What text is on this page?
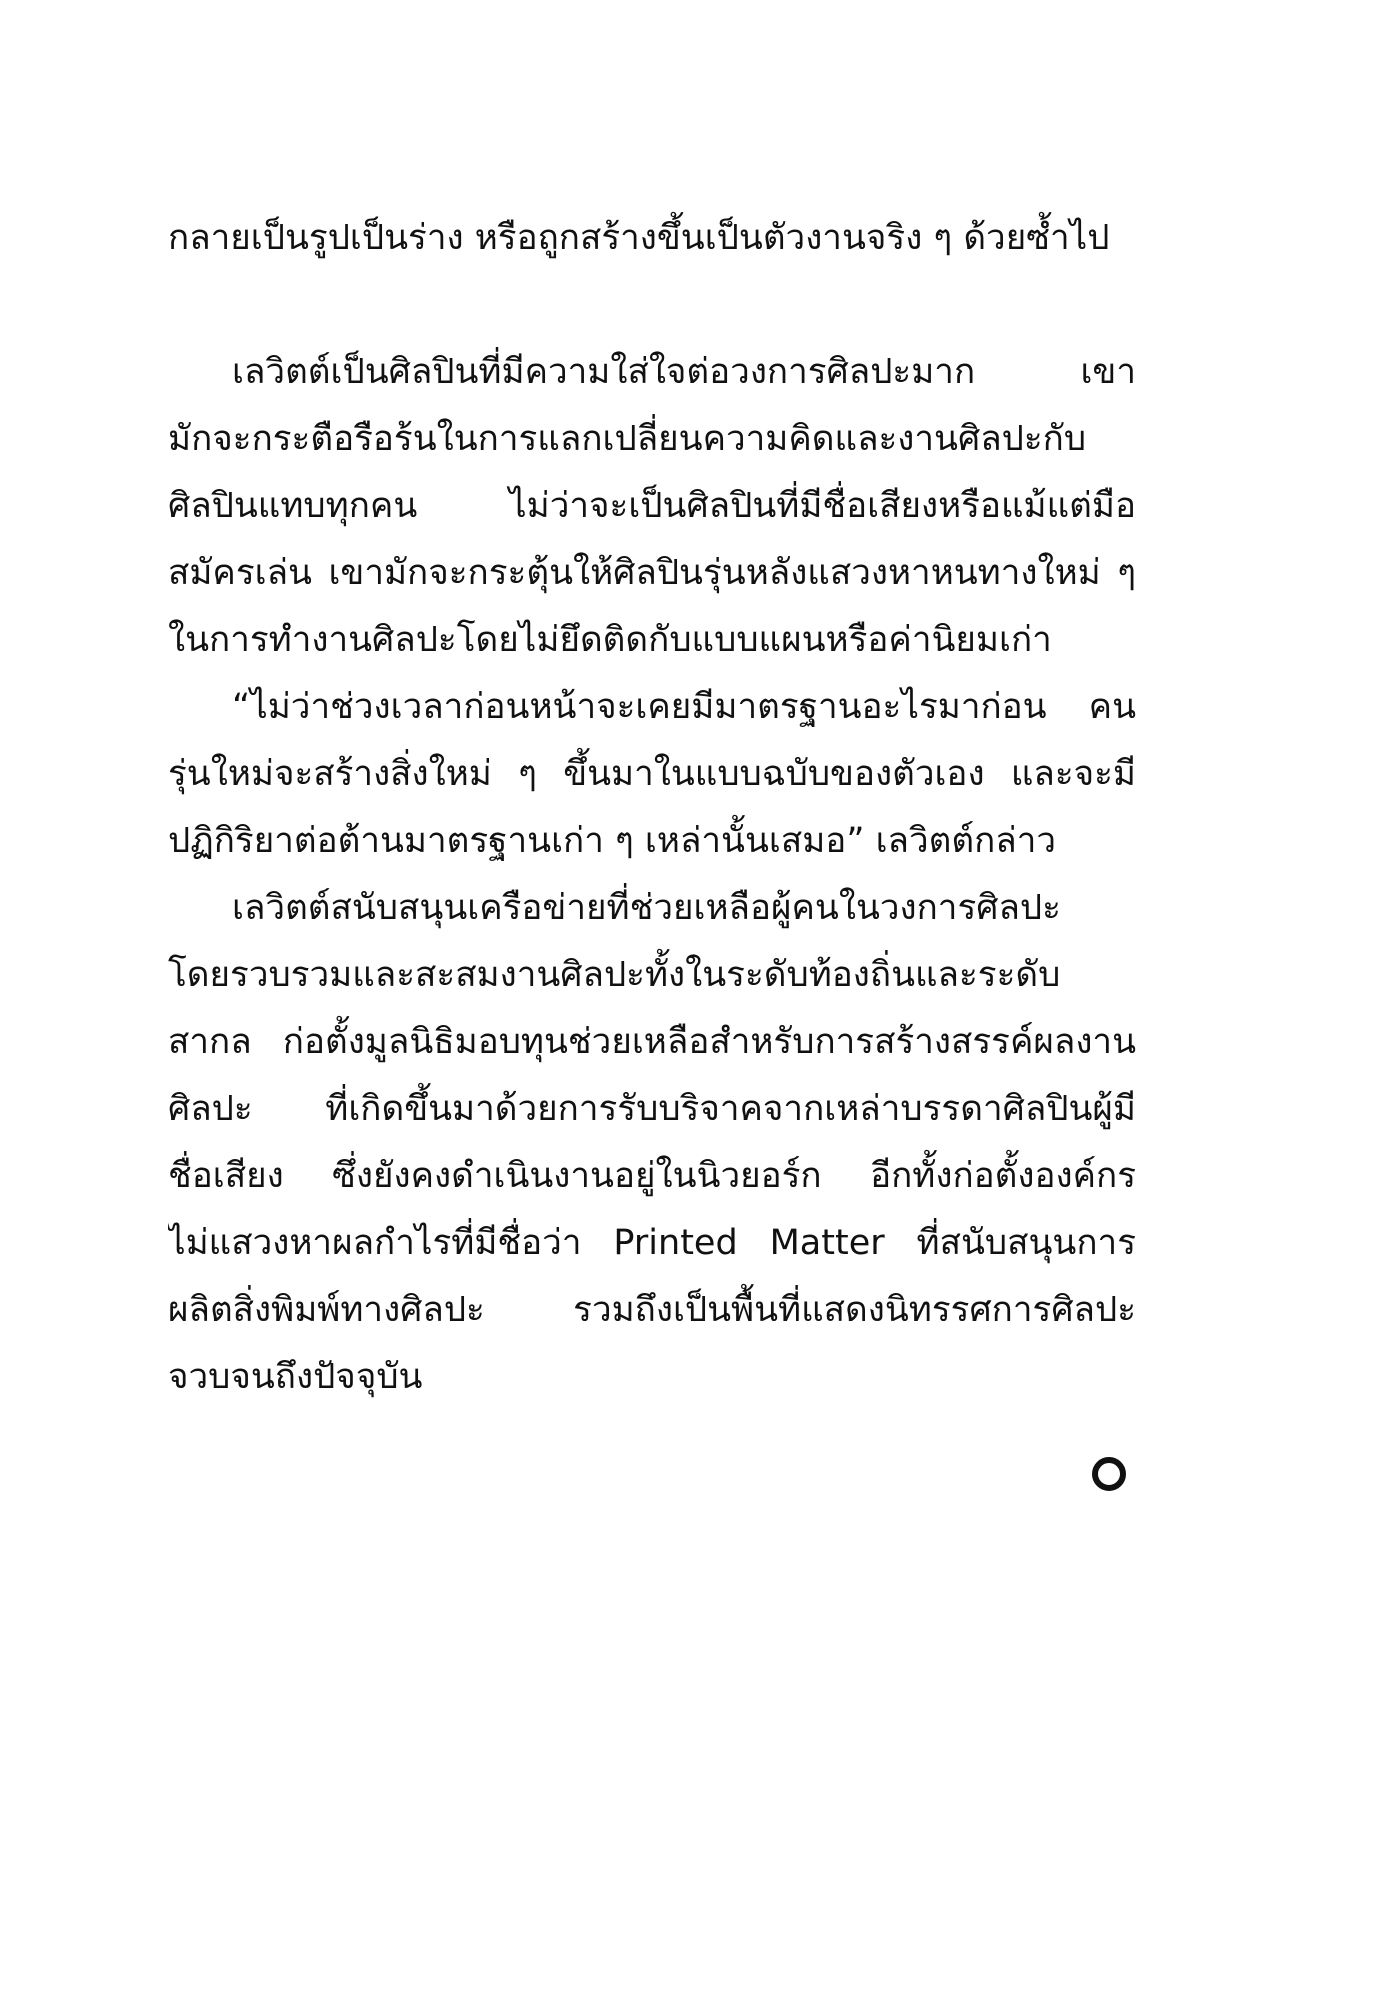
กลายเป็นรูปเป็นร่าง หรือถูกสร้างขึ้นเป็นตัวงานจริง ๆ ด้วยซ้ำไป
เลวิตต์เป็นศิลปินที่มีความใส่ใจต่อวงการศิลปะมาก เขา
มักจะกระตือรือร้นในการแลกเปลี่ยนความคิดและงานศิลปะกับ
ศิลปินแทบทุกคน ไม่ว่าจะเป็นศิลปินที่มีชื่อเสียงหรือแม้แต่มือ
สมัครเล่น เขามักจะกระตุ้นให้ศิลปินรุ่นหลังแสวงหาหนทางใหม่ ๆ
ในการทำงานศิลปะโดยไม่ยึดติดกับแบบแผนหรือค่านิยมเก่า
“ไม่ว่าช่วงเวลาก่อนหน้าจะเคยมีมาตรฐานอะไรมาก่อน คน
รุ่นใหม่จะสร้างสิ่งใหม่ ๆ ขึ้นมาในแบบฉบับของตัวเอง และจะมี
ปฏิกิริยาต่อต้านมาตรฐานเก่า ๆ เหล่านั้นเสมอ” เลวิตต์กล่าว
เลวิตต์สนับสนุนเครือข่ายที่ช่วยเหลือผู้คนในวงการศิลปะ
โดยรวบรวมและสะสมงานศิลปะทั้งในระดับท้องถิ่นและระดับ
สากล ก่อตั้งมูลนิธิมอบทุนช่วยเหลือสำหรับการสร้างสรรค์ผลงาน
ศิลปะ ที่เกิดขึ้นมาด้วยการรับบริจาคจากเหล่าบรรดาศิลปินผู้มี
ชื่อเสียง ซึ่งยังคงดำเนินงานอยู่ในนิวยอร์ก อีกทั้งก่อตั้งองค์กร
ไม่แสวงหาผลกำไรที่มีชื่อว่า Printed Matter ที่สนับสนุนการ
ผลิตสิ่งพิมพ์ทางศิลปะ รวมถึงเป็นพื้นที่แสดงนิทรรศการศิลปะ
จวบจนถึงปัจจุบัน
